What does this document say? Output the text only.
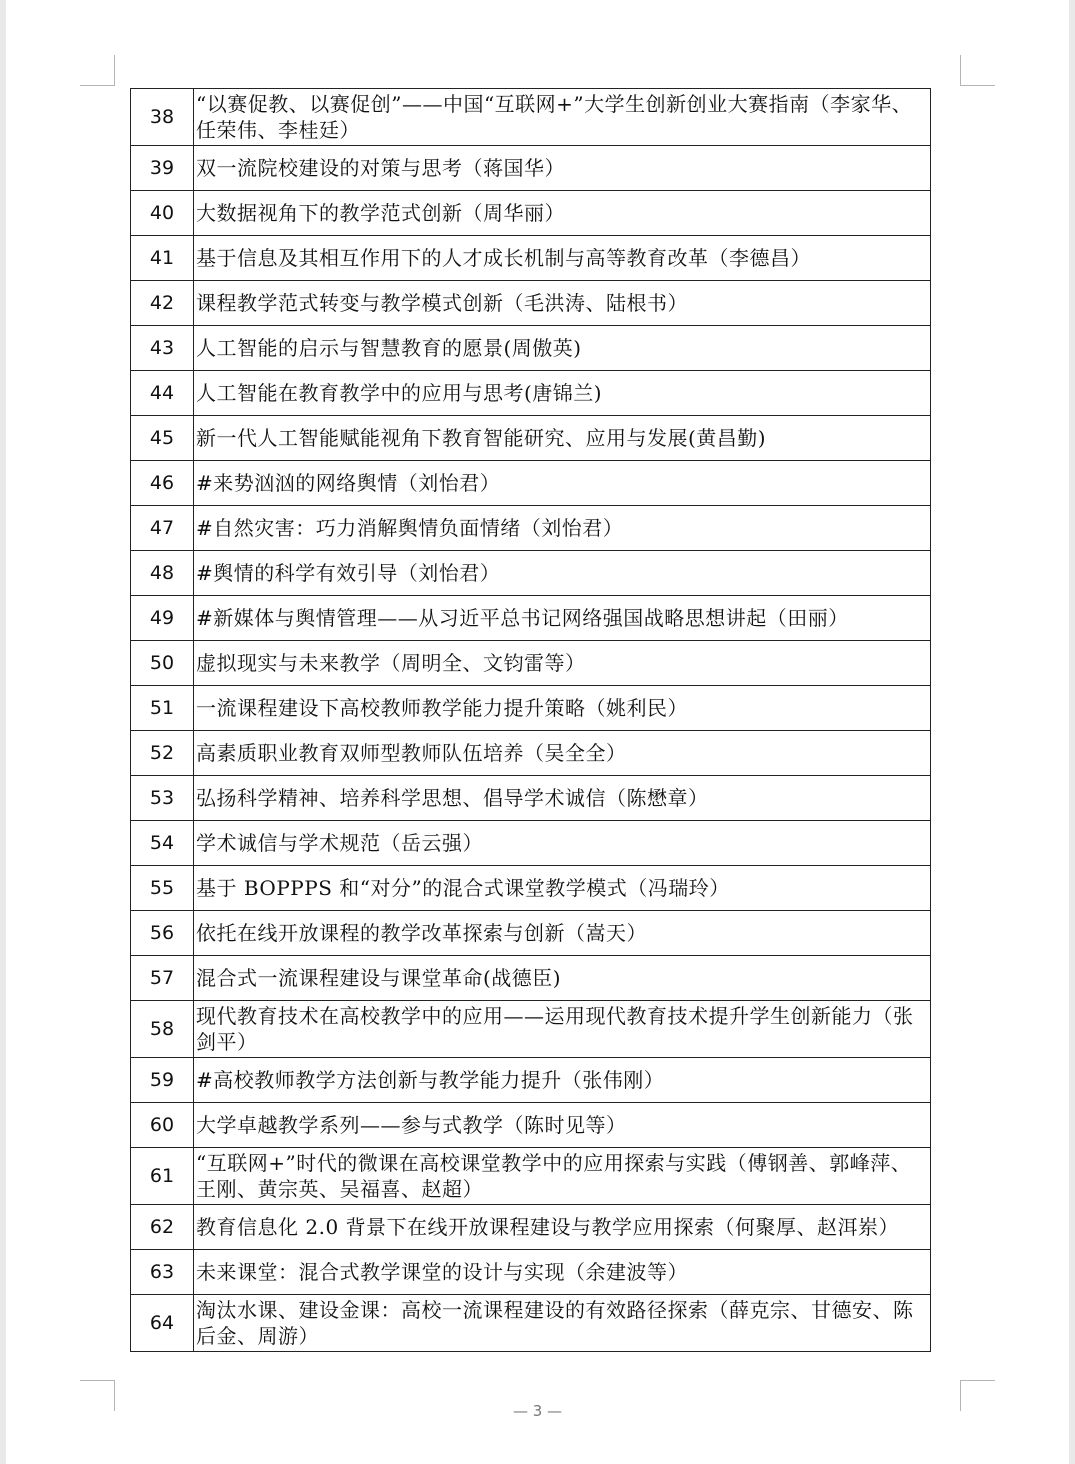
38	“以赛促教、以赛促创”——中国“互联网+”大学生创新创业大赛指南（李家华、任荣伟、李桂廷）
39	双一流院校建设的对策与思考（蒋国华）
40	大数据视角下的教学范式创新（周华丽）
41	基于信息及其相互作用下的人才成长机制与高等教育改革（李德昌）
42	课程教学范式转变与教学模式创新（毛洪涛、陆根书）
43	人工智能的启示与智慧教育的愿景(周傲英)
44	人工智能在教育教学中的应用与思考(唐锦兰)
45	新一代人工智能赋能视角下教育智能研究、应用与发展(黄昌勤)
46	#来势汹汹的网络舆情（刘怡君）
47	#自然灾害：巧力消解舆情负面情绪（刘怡君）
48	#舆情的科学有效引导（刘怡君）
49	#新媒体与舆情管理——从习近平总书记网络强国战略思想讲起（田丽）
50	虚拟现实与未来教学（周明全、文钧雷等）
51	一流课程建设下高校教师教学能力提升策略（姚利民）
52	高素质职业教育双师型教师队伍培养（吴全全）
53	弘扬科学精神、培养科学思想、倡导学术诚信（陈懋章）
54	学术诚信与学术规范（岳云强）
55	基于 BOPPPS 和“对分”的混合式课堂教学模式（冯瑞玲）
56	依托在线开放课程的教学改革探索与创新（嵩天）
57	混合式一流课程建设与课堂革命(战德臣)
58	现代教育技术在高校教学中的应用——运用现代教育技术提升学生创新能力（张剑平）
59	#高校教师教学方法创新与教学能力提升（张伟刚）
60	大学卓越教学系列——参与式教学（陈时见等）
61	“互联网+”时代的微课在高校课堂教学中的应用探索与实践（傅钢善、郭峰萍、王刚、黄宗英、吴福喜、赵超）
62	教育信息化 2.0 背景下在线开放课程建设与教学应用探索（何聚厚、赵洱岽）
63	未来课堂：混合式教学课堂的设计与实现（余建波等）
64	淘汰水课、建设金课：高校一流课程建设的有效路径探索（薛克宗、甘德安、陈后金、周游）
— 3 —
